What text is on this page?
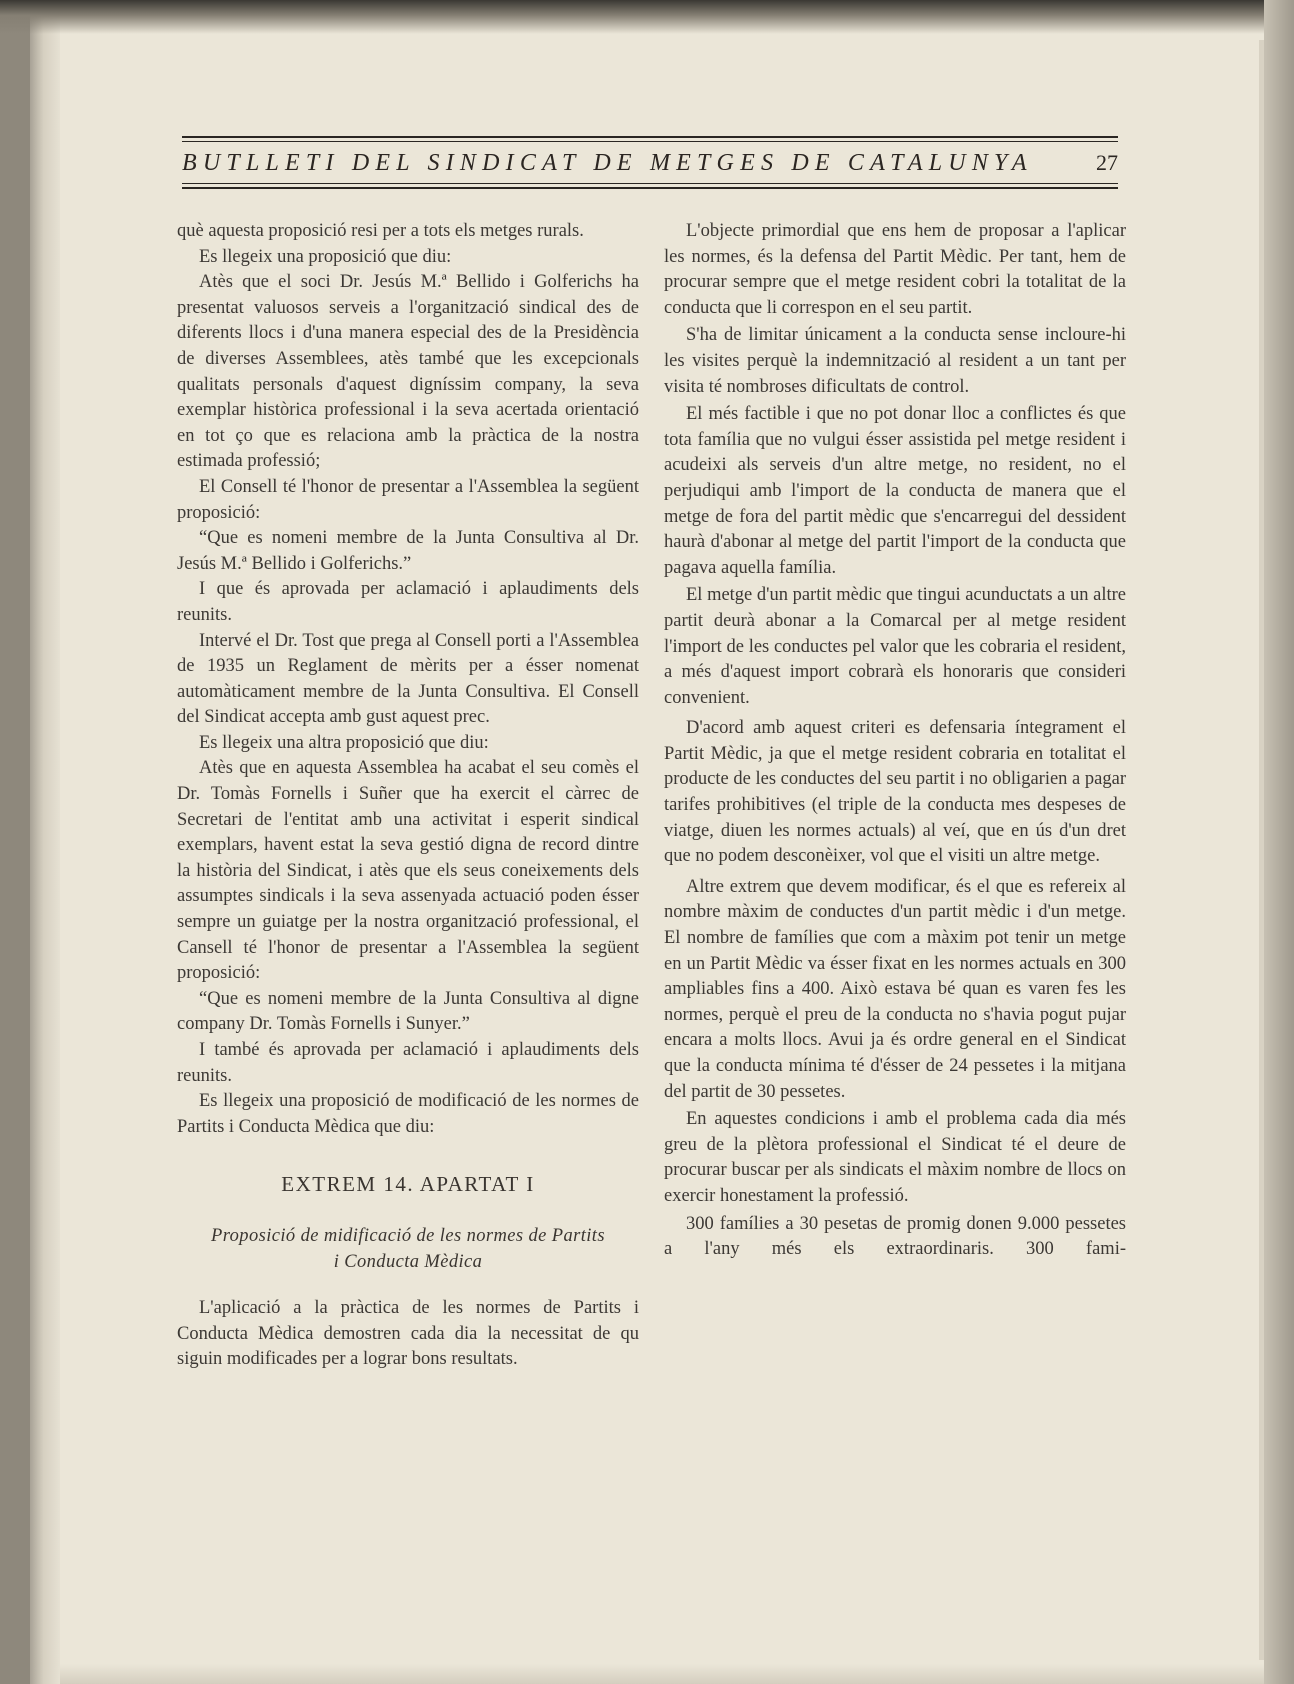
BUTLLETI DEL SINDICAT DE METGES DE CATALUNYA	27

què aquesta proposició resi per a tots els metges rurals.

Es llegeix una proposició que diu:

Atès que el soci Dr. Jesús M.ª Bellido i Golferichs ha presentat valuosos serveis a l'organització sindical des de diferents llocs i d'una manera especial des de la Presidència de diverses Assemblees, atès també que les excepcionals qualitats personals d'aquest digníssim company, la seva exemplar històrica professional i la seva acertada orientació en tot ço que es relaciona amb la pràctica de la nostra estimada professió;

El Consell té l'honor de presentar a l'Assemblea la següent proposició:

“Que es nomeni membre de la Junta Consultiva al Dr. Jesús M.ª Bellido i Golferichs.”

I que és aprovada per aclamació i aplaudiments dels reunits.

Intervé el Dr. Tost que prega al Consell porti a l'Assemblea de 1935 un Reglament de mèrits per a ésser nomenat automàticament membre de la Junta Consultiva. El Consell del Sindicat accepta amb gust aquest prec.

Es llegeix una altra proposició que diu:

Atès que en aquesta Assemblea ha acabat el seu comès el Dr. Tomàs Fornells i Suñer que ha exercit el càrrec de Secretari de l'entitat amb una activitat i esperit sindical exemplars, havent estat la seva gestió digna de record dintre la història del Sindicat, i atès que els seus coneixements dels assumptes sindicals i la seva assenyada actuació poden ésser sempre un guiatge per la nostra organització professional, el Cansell té l'honor de presentar a l'Assemblea la següent proposició:

“Que es nomeni membre de la Junta Consultiva al digne company Dr. Tomàs Fornells i Sunyer.”

I també és aprovada per aclamació i aplaudiments dels reunits.

Es llegeix una proposició de modificació de les normes de Partits i Conducta Mèdica que diu:

EXTREM 14. APARTAT I
Proposició de midificació de les normes de Partits
i Conducta Mèdica

L'aplicació a la pràctica de les normes de Partits i Conducta Mèdica demostren cada dia la necessitat de qu siguin modificades per a lograr bons resultats.

L'objecte primordial que ens hem de proposar a l'aplicar les normes, és la defensa del Partit Mèdic. Per tant, hem de procurar sempre que el metge resident cobri la totalitat de la conducta que li correspon en el seu partit.

S'ha de limitar únicament a la conducta sense incloure-hi les visites perquè la indemnització al resident a un tant per visita té nombroses dificultats de control.

El més factible i que no pot donar lloc a conflictes és que tota família que no vulgui ésser assistida pel metge resident i acudeixi als serveis d'un altre metge, no resident, no el perjudiqui amb l'import de la conducta de manera que el metge de fora del partit mèdic que s'encarregui del dessident haurà d'abonar al metge del partit l'import de la conducta que pagava aquella família.

El metge d'un partit mèdic que tingui acunductats a un altre partit deurà abonar a la Comarcal per al metge resident l'import de les conductes pel valor que les cobraria el resident, a més d'aquest import cobrarà els honoraris que consideri convenient.

D'acord amb aquest criteri es defensaria íntegrament el Partit Mèdic, ja que el metge resident cobraria en totalitat el producte de les conductes del seu partit i no obligarien a pagar tarifes prohibitives (el triple de la conducta mes despeses de viatge, diuen les normes actuals) al veí, que en ús d'un dret que no podem desconèixer, vol que el visiti un altre metge.

Altre extrem que devem modificar, és el que es refereix al nombre màxim de conductes d'un partit mèdic i d'un metge. El nombre de famílies que com a màxim pot tenir un metge en un Partit Mèdic va ésser fixat en les normes actuals en 300 ampliables fins a 400. Això estava bé quan es varen fes les normes, perquè el preu de la conducta no s'havia pogut pujar encara a molts llocs. Avui ja és ordre general en el Sindicat que la conducta mínima té d'ésser de 24 pessetes i la mitjana del partit de 30 pessetes.

En aquestes condicions i amb el problema cada dia més greu de la plètora professional el Sindicat té el deure de procurar buscar per als sindicats el màxim nombre de llocs on exercir honestament la professió.

300 famílies a 30 pesetas de promig donen 9.000 pessetes a l'any més els extraordinaris. 300 fami-
